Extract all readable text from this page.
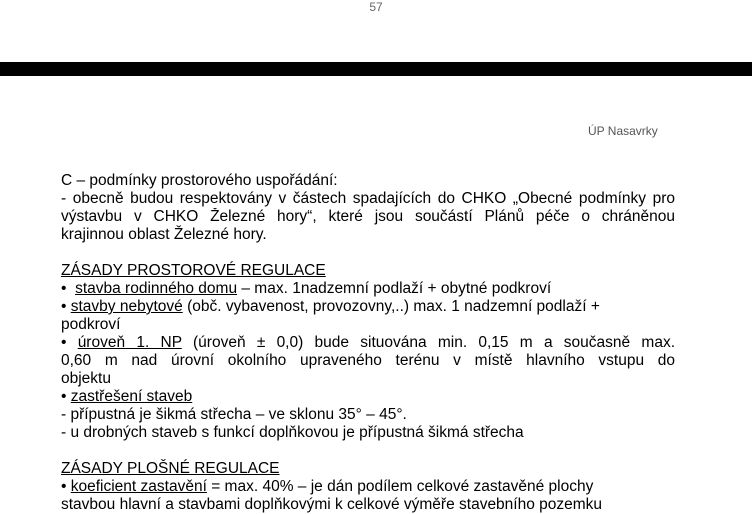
57
ÚP Nasavrky
C – podmínky prostorového uspořádání:
- obecně budou respektovány v částech spadajících do CHKO „Obecné podmínky pro
výstavbu v CHKO Železné hory“, které jsou součástí Plánů péče o chráněnou
krajinnou oblast Železné hory.
ZÁSADY PROSTOROVÉ REGULACE
• stavba rodinného domu – max. 1nadzemní podlaží + obytné podkroví
• stavby nebytové (obč. vybavenost, provozovny,..) max. 1 nadzemní podlaží +
podkroví
• úroveň 1. NP (úroveň ± 0,0) bude situována min. 0,15 m a současně max.
0,60 m nad úrovní okolního upraveného terénu v místě hlavního vstupu do
objektu
• zastřešení staveb
- přípustná je šikmá střecha – ve sklonu 35° – 45°.
- u drobných staveb s funkcí doplňkovou je přípustná šikmá střecha
ZÁSADY PLOŠNÉ REGULACE
• koeficient zastavění = max. 40% – je dán podílem celkové zastavěné plochy
stavbou hlavní a stavbami doplňkovými k celkové výměře stavebního pozemku
